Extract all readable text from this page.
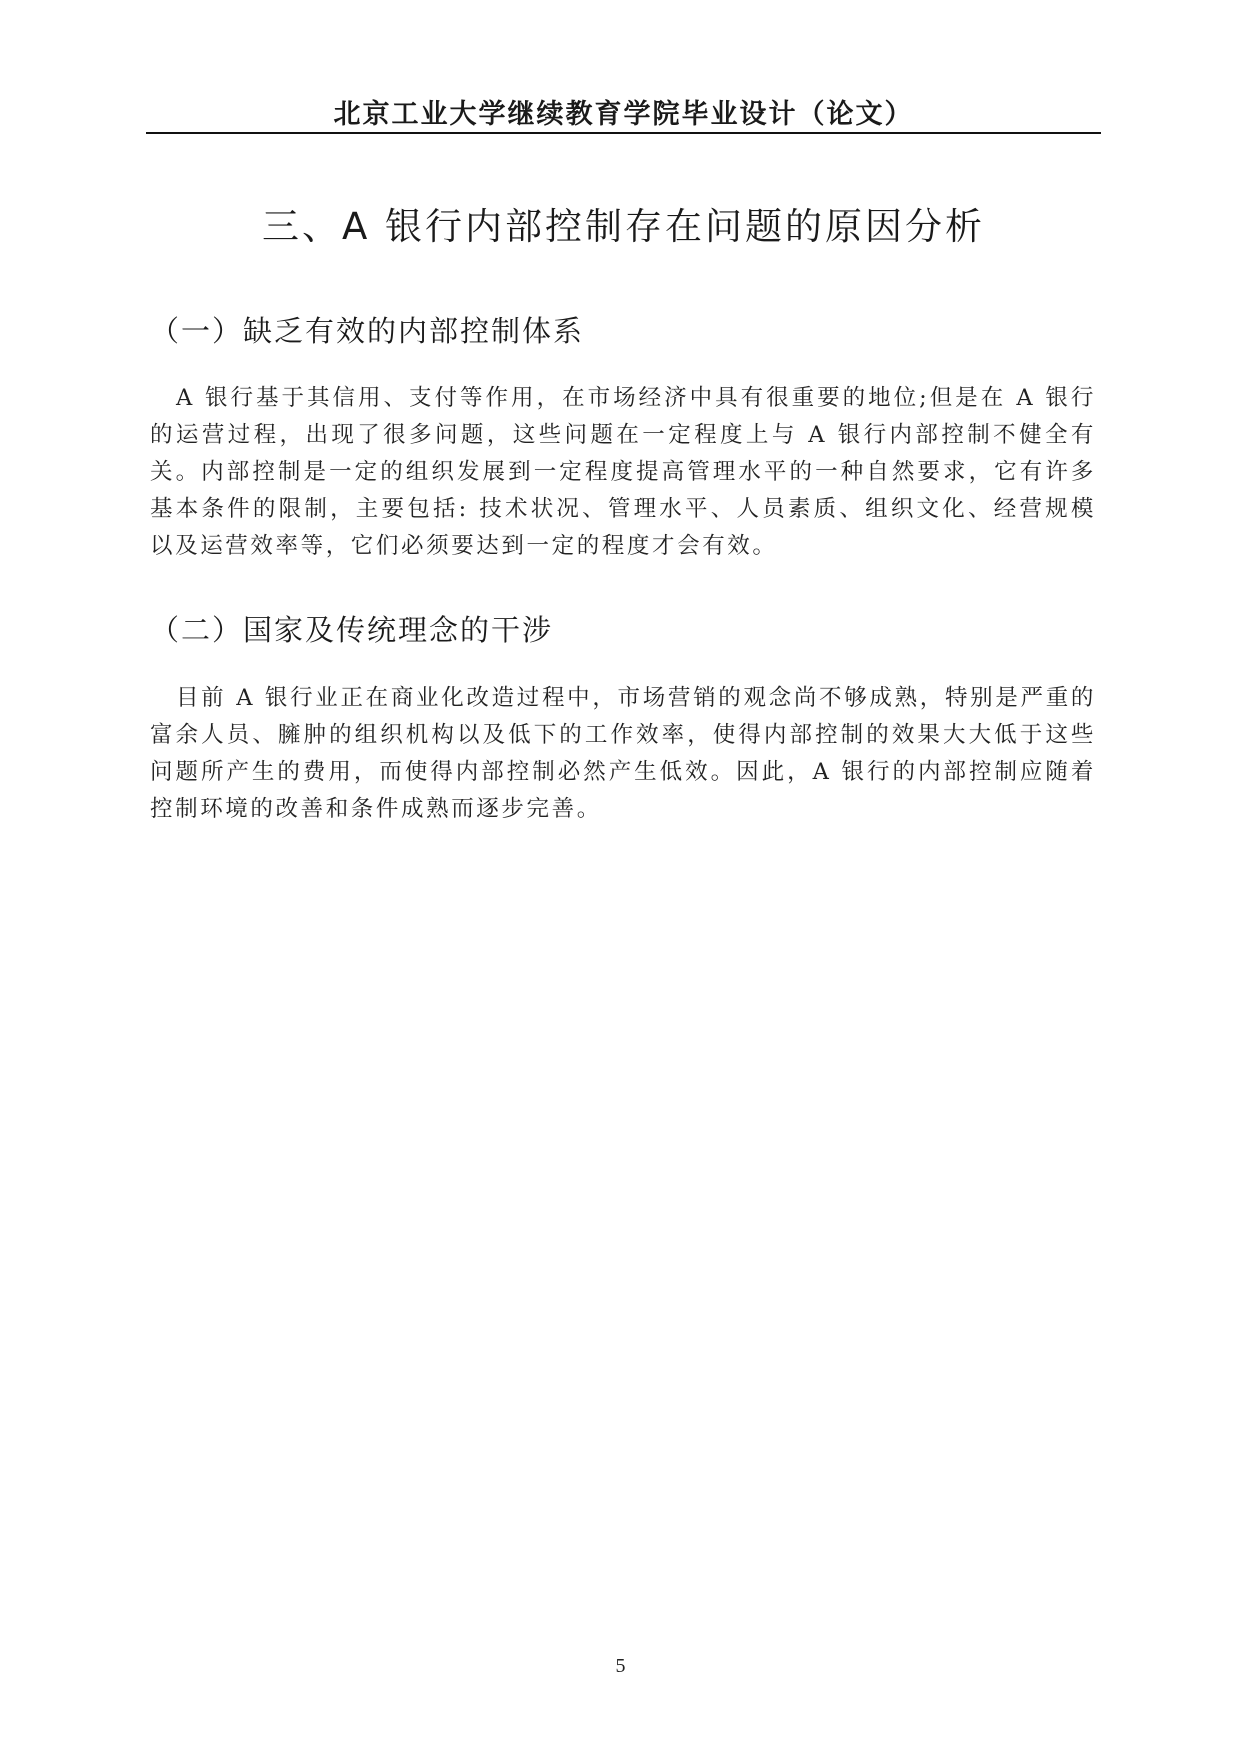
北京工业大学继续教育学院毕业设计（论文）
三、A 银行内部控制存在问题的原因分析
（一）缺乏有效的内部控制体系

A 银行基于其信用、支付等作用，在市场经济中具有很重要的地位;但是在 A 银行的运营过程，出现了很多问题，这些问题在一定程度上与 A 银行内部控制不健全有关。内部控制是一定的组织发展到一定程度提高管理水平的一种自然要求，它有许多基本条件的限制，主要包括: 技术状况、管理水平、人员素质、组织文化、经营规模以及运营效率等，它们必须要达到一定的程度才会有效。

（二）国家及传统理念的干涉

目前 A 银行业正在商业化改造过程中，市场营销的观念尚不够成熟，特别是严重的富余人员、臃肿的组织机构以及低下的工作效率，使得内部控制的效果大大低于这些问题所产生的费用，而使得内部控制必然产生低效。因此，A 银行的内部控制应随着控制环境的改善和条件成熟而逐步完善。

5
